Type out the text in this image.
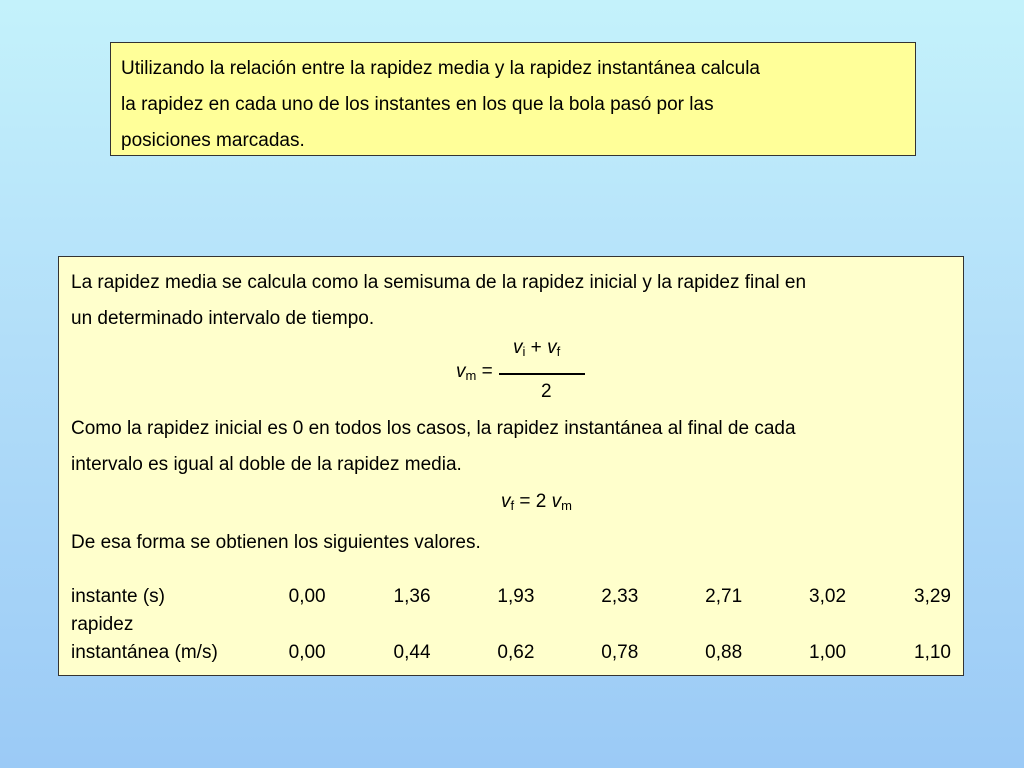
Utilizando la relación entre la rapidez media y la rapidez instantánea calcula
la rapidez en cada uno de los instantes en los que la bola pasó por las
posiciones marcadas.

La rapidez media se calcula como la semisuma de la rapidez inicial y la rapidez final en
un determinado intervalo de tiempo.

$v_m$ =
$v_i + v_f$
2

Como la rapidez inicial es 0 en todos los casos, la rapidez instantánea al final de cada
intervalo es igual al doble de la rapidez media.

$v_f = 2$ $v_m$

De esa forma se obtienen los siguientes valores.

instante (s)	0,00	1,36	1,93	2,33	2,71	3,02	3,29
rapidez							
instantánea (m/s)	0,00	0,44	0,62	0,78	0,88	1,00	1,10
